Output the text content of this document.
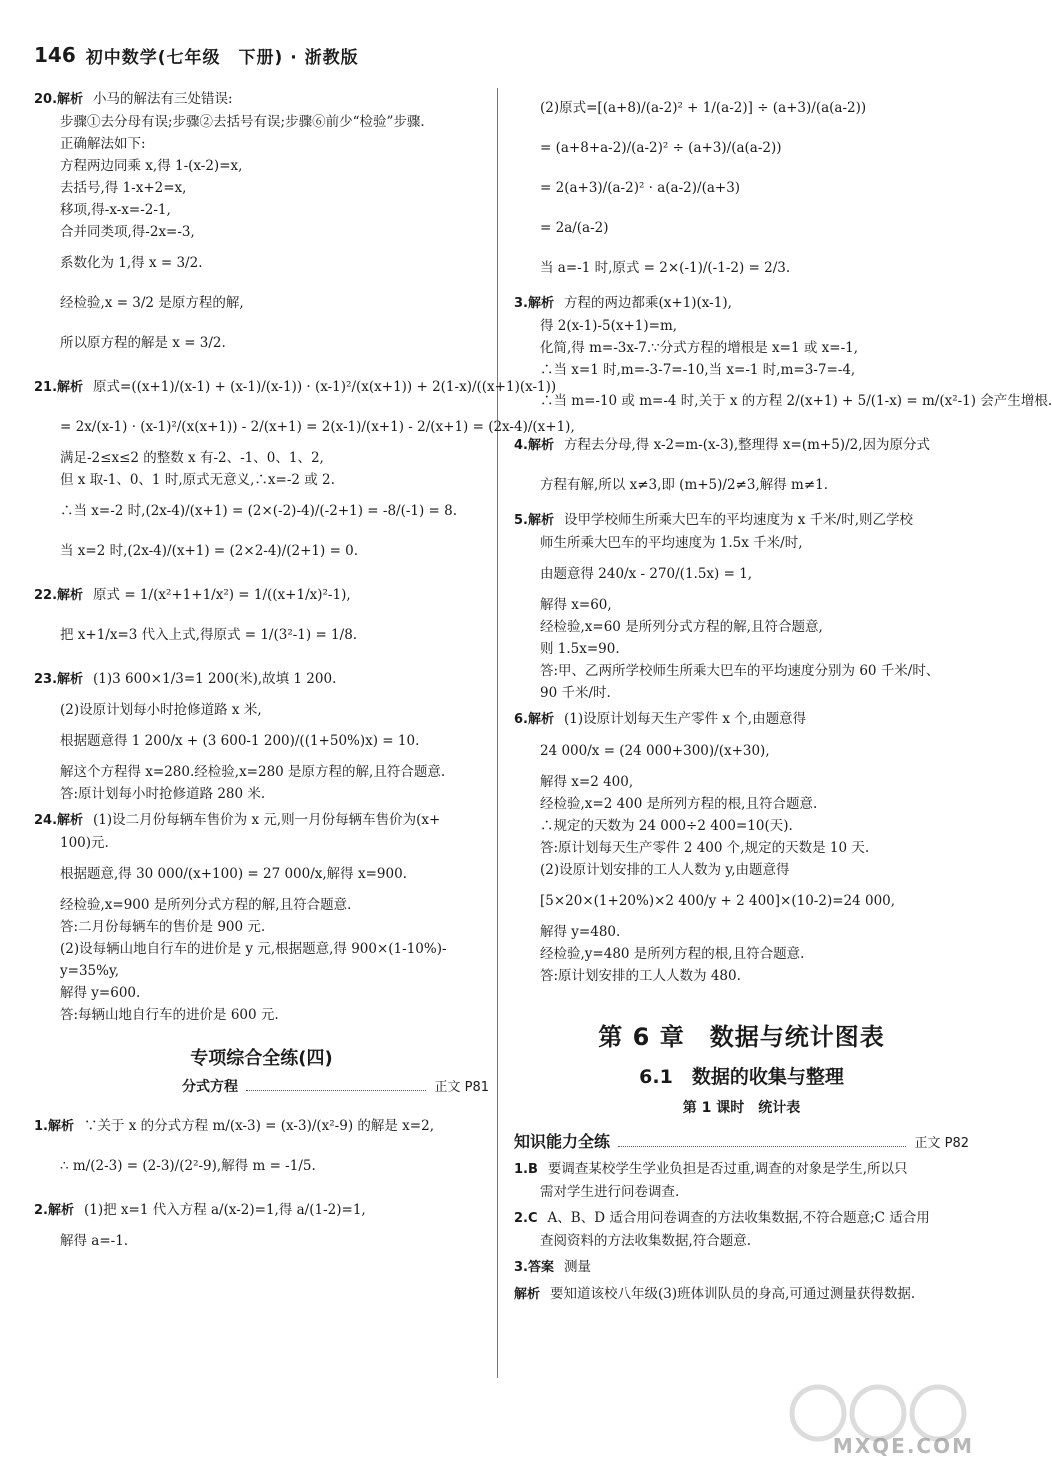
146 初中数学(七年级　下册) · 浙教版
20.解析 小马的解法有三处错误:
步骤①去分母有误;步骤②去括号有误;步骤⑥前少“检验”步骤.
正确解法如下:
方程两边同乘 x,得 1-(x-2)=x,
去括号,得 1-x+2=x,
移项,得-x-x=-2-1,
合并同类项,得-2x=-3,
系数化为 1,得 x = 3/2.
经检验,x = 3/2 是原方程的解,
所以原方程的解是 x = 3/2.
21.解析 原式=((x+1)/(x-1) + (x-1)/(x-1)) · (x-1)²/(x(x+1)) + 2(1-x)/((x+1)(x-1))
= 2x/(x-1) · (x-1)²/(x(x+1)) - 2/(x+1) = 2(x-1)/(x+1) - 2/(x+1) = (2x-4)/(x+1),
满足-2≤x≤2 的整数 x 有-2、-1、0、1、2,
但 x 取-1、0、1 时,原式无意义,∴x=-2 或 2.
∴当 x=-2 时,(2x-4)/(x+1) = (2×(-2)-4)/(-2+1) = -8/(-1) = 8.
当 x=2 时,(2x-4)/(x+1) = (2×2-4)/(2+1) = 0.
22.解析 原式 = 1/(x²+1+1/x²) = 1/((x+1/x)²-1),
把 x+1/x=3 代入上式,得原式 = 1/(3²-1) = 1/8.
23.解析 (1)3 600×1/3=1 200(米),故填 1 200.
(2)设原计划每小时抢修道路 x 米,
根据题意得 1 200/x + (3 600-1 200)/((1+50%)x) = 10.
解这个方程得 x=280.经检验,x=280 是原方程的解,且符合题意.
答:原计划每小时抢修道路 280 米.
24.解析 (1)设二月份每辆车售价为 x 元,则一月份每辆车售价为(x+
100)元.
根据题意,得 30 000/(x+100) = 27 000/x,解得 x=900.
经检验,x=900 是所列分式方程的解,且符合题意.
答:二月份每辆车的售价是 900 元.
(2)设每辆山地自行车的进价是 y 元,根据题意,得 900×(1-10%)-
y=35%y,
解得 y=600.
答:每辆山地自行车的进价是 600 元.
专项综合全练(四)
分式方程	正文 P81
1.解析 ∵关于 x 的分式方程 m/(x-3) = (x-3)/(x²-9) 的解是 x=2,
∴ m/(2-3) = (2-3)/(2²-9),解得 m = -1/5.
2.解析 (1)把 x=1 代入方程 a/(x-2)=1,得 a/(1-2)=1,
解得 a=-1.
(2)原式=[(a+8)/(a-2)² + 1/(a-2)] ÷ (a+3)/(a(a-2))
= (a+8+a-2)/(a-2)² ÷ (a+3)/(a(a-2))
= 2(a+3)/(a-2)² · a(a-2)/(a+3)
= 2a/(a-2)
当 a=-1 时,原式 = 2×(-1)/(-1-2) = 2/3.
3.解析 方程的两边都乘(x+1)(x-1),
得 2(x-1)-5(x+1)=m,
化简,得 m=-3x-7.∵分式方程的增根是 x=1 或 x=-1,
∴当 x=1 时,m=-3-7=-10,当 x=-1 时,m=3-7=-4,
∴当 m=-10 或 m=-4 时,关于 x 的方程 2/(x+1) + 5/(1-x) = m/(x²-1) 会产生增根.
4.解析 方程去分母,得 x-2=m-(x-3),整理得 x=(m+5)/2,因为原分式
方程有解,所以 x≠3,即 (m+5)/2≠3,解得 m≠1.
5.解析 设甲学校师生所乘大巴车的平均速度为 x 千米/时,则乙学校
师生所乘大巴车的平均速度为 1.5x 千米/时,
由题意得 240/x - 270/(1.5x) = 1,
解得 x=60,
经检验,x=60 是所列分式方程的解,且符合题意,
则 1.5x=90.
答:甲、乙两所学校师生所乘大巴车的平均速度分别为 60 千米/时、
90 千米/时.
6.解析 (1)设原计划每天生产零件 x 个,由题意得
24 000/x = (24 000+300)/(x+30),
解得 x=2 400,
经检验,x=2 400 是所列方程的根,且符合题意.
∴规定的天数为 24 000÷2 400=10(天).
答:原计划每天生产零件 2 400 个,规定的天数是 10 天.
(2)设原计划安排的工人人数为 y,由题意得
[5×20×(1+20%)×2 400/y + 2 400]×(10-2)=24 000,
解得 y=480.
经检验,y=480 是所列方程的根,且符合题意.
答:原计划安排的工人人数为 480.
第 6 章　数据与统计图表
6.1　数据的收集与整理
第 1 课时　统计表
知识能力全练	正文 P82
1.B 要调查某校学生学业负担是否过重,调查的对象是学生,所以只
需对学生进行问卷调查.
2.C A、B、D 适合用问卷调查的方法收集数据,不符合题意;C 适合用
查阅资料的方法收集数据,符合题意.
3.答案 测量
解析 要知道该校八年级(3)班体训队员的身高,可通过测量获得数据.
MXQE.COM
